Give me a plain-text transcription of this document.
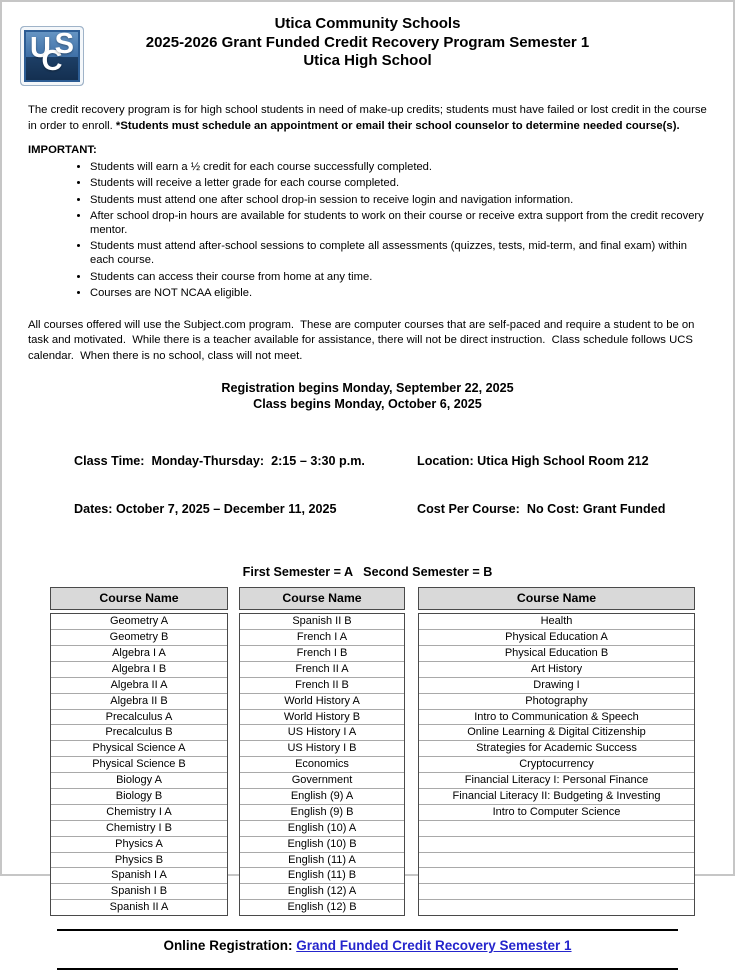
U
C
S
Utica Community Schools
2025-2026 Grant Funded Credit Recovery Program Semester 1
Utica High School
The credit recovery program is for high school students in need of make-up credits; students must have failed or lost credit in the course in order to enroll. *Students must schedule an appointment or email their school counselor to determine needed course(s).
IMPORTANT:
• Students will earn a ½ credit for each course successfully completed.
• Students will receive a letter grade for each course completed.
• Students must attend one after school drop-in session to receive login and navigation information.
• After school drop-in hours are available for students to work on their course or receive extra support from the credit recovery mentor.
• Students must attend after-school sessions to complete all assessments (quizzes, tests, mid-term, and final exam) within each course.
• Students can access their course from home at any time.
• Courses are NOT NCAA eligible.
All courses offered will use the Subject.com program.  These are computer courses that are self-paced and require a student to be on task and motivated.  While there is a teacher available for assistance, there will not be direct instruction.  Class schedule follows UCS calendar.  When there is no school, class will not meet.
Registration begins Monday, September 22, 2025
Class begins Monday, October 6, 2025

Class Time:  Monday-Thursday:  2:15 – 3:30 p.m.

Dates: October 7, 2025 – December 11, 2025

Location: Utica High School Room 212

Cost Per Course:  No Cost: Grant Funded

First Semester = A   Second Semester = B
Course Name
Geometry A
Geometry B
Algebra I A
Algebra I B
Algebra II A
Algebra II B
Precalculus A
Precalculus B
Physical Science A
Physical Science B
Biology A
Biology B
Chemistry I A
Chemistry I B
Physics A
Physics B
Spanish I A
Spanish I B
Spanish II A
Course Name
Spanish II B
French I A
French I B
French II A
French II B
World History A
World History B
US History I A
US History I B
Economics
Government
English (9) A
English (9) B
English (10) A
English (10) B
English (11) A
English (11) B
English (12) A
English (12) B
Course Name
Health
Physical Education A
Physical Education B
Art History
Drawing I
Photography
Intro to Communication & Speech
Online Learning & Digital Citizenship
Strategies for Academic Success
Cryptocurrency
Financial Literacy I: Personal Finance
Financial Literacy II: Budgeting & Investing
Intro to Computer Science
Online Registration: Grand Funded Credit Recovery Semester 1
